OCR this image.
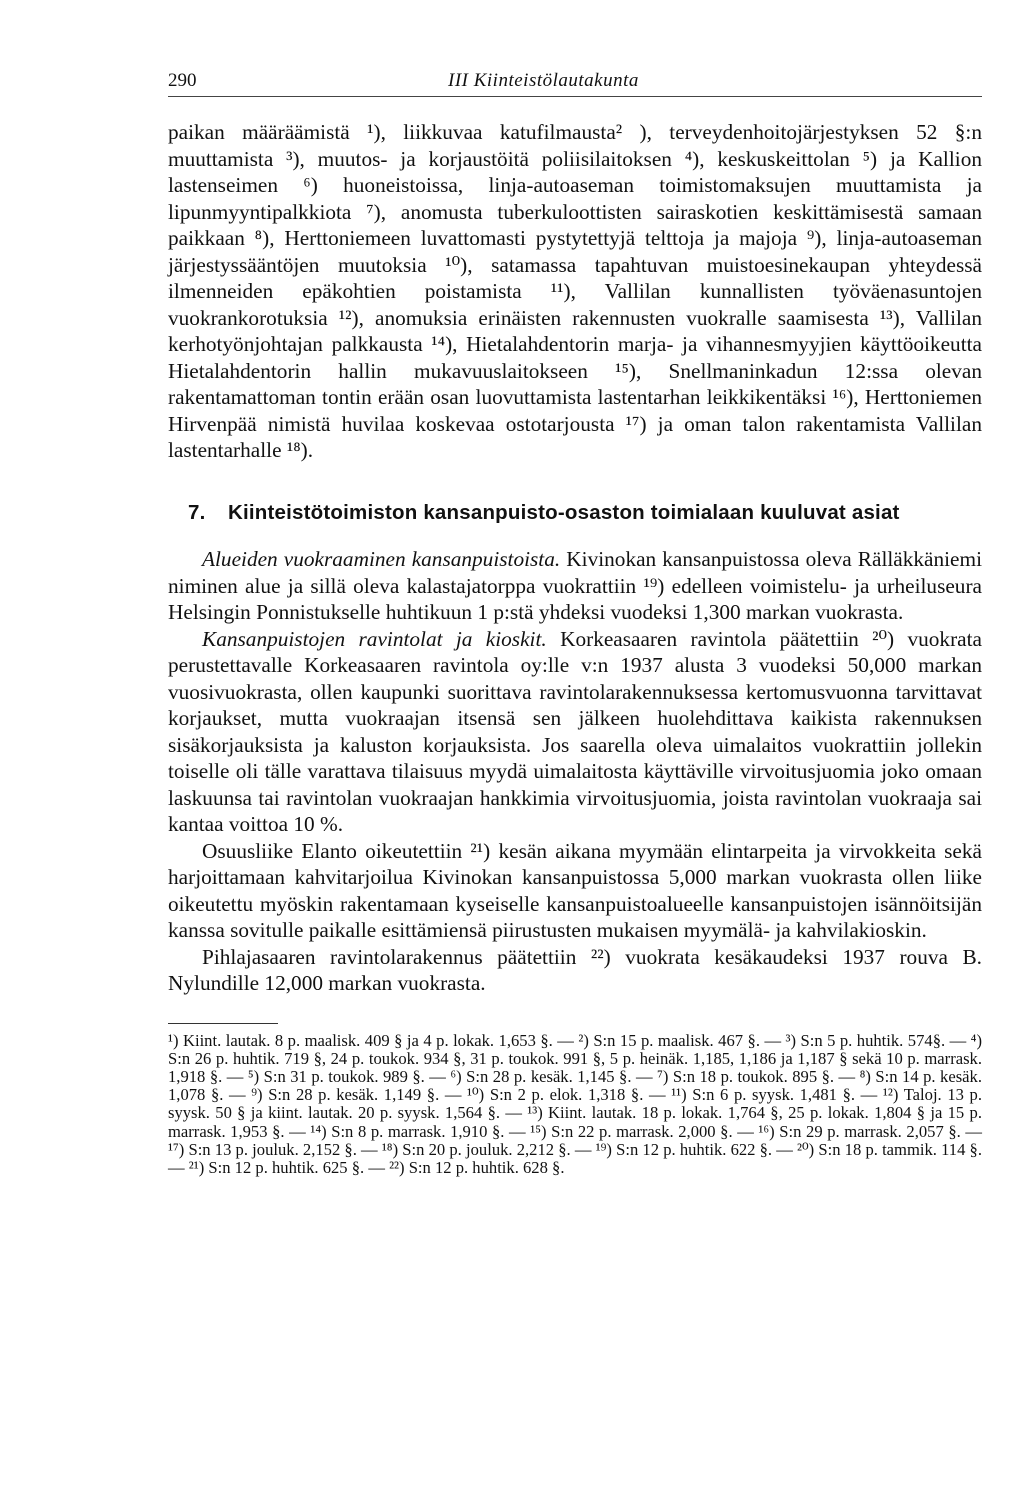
290	III Kiinteistölautakunta

paikan määräämistä ¹), liikkuvaa katufilmausta² ), terveydenhoitojärjestyksen 52 §:n muuttamista ³), muutos- ja korjaustöitä poliisilaitoksen ⁴), keskuskeittolan ⁵) ja Kallion lastenseimen ⁶) huoneistoissa, linja-autoaseman toimistomaksujen muuttamista ja lipunmyyntipalkkiota ⁷), anomusta tuberkuloottisten sairaskotien keskittämisestä samaan paikkaan ⁸), Herttoniemeen luvattomasti pystytettyjä telttoja ja majoja ⁹), linja-autoaseman järjestyssääntöjen muutoksia ¹⁰), satamassa tapahtuvan muistoesinekaupan yhteydessä ilmenneiden epäkohtien poistamista ¹¹), Vallilan kunnallisten työväenasuntojen vuokrankorotuksia ¹²), anomuksia erinäisten rakennusten vuokralle saamisesta ¹³), Vallilan kerhotyönjohtajan palkkausta ¹⁴), Hietalahdentorin marja- ja vihannesmyyjien käyttöoikeutta Hietalahdentorin hallin mukavuuslaitokseen ¹⁵), Snellmaninkadun 12:ssa olevan rakentamattoman tontin erään osan luovuttamista lastentarhan leikkikentäksi ¹⁶), Herttoniemen Hirvenpää nimistä huvilaa koskevaa ostotarjousta ¹⁷) ja oman talon rakentamista Vallilan lastentarhalle ¹⁸).

7. Kiinteistötoimiston kansanpuisto-osaston toimialaan kuuluvat asiat

Alueiden vuokraaminen kansanpuistoista. Kivinokan kansanpuistossa oleva Rälläkkäniemi niminen alue ja sillä oleva kalastajatorppa vuokrattiin ¹⁹) edelleen voimistelu- ja urheiluseura Helsingin Ponnistukselle huhtikuun 1 p:stä yhdeksi vuodeksi 1,300 markan vuokrasta.

Kansanpuistojen ravintolat ja kioskit. Korkeasaaren ravintola päätettiin ²⁰) vuokrata perustettavalle Korkeasaaren ravintola oy:lle v:n 1937 alusta 3 vuodeksi 50,000 markan vuosivuokrasta, ollen kaupunki suorittava ravintolarakennuksessa kertomusvuonna tarvittavat korjaukset, mutta vuokraajan itsensä sen jälkeen huolehdittava kaikista rakennuksen sisäkorjauksista ja kaluston korjauksista. Jos saarella oleva uimalaitos vuokrattiin jollekin toiselle oli tälle varattava tilaisuus myydä uimalaitosta käyttäville virvoitusjuomia joko omaan laskuunsa tai ravintolan vuokraajan hankkimia virvoitusjuomia, joista ravintolan vuokraaja sai kantaa voittoa 10 %.

Osuusliike Elanto oikeutettiin ²¹) kesän aikana myymään elintarpeita ja virvokkeita sekä harjoittamaan kahvitarjoilua Kivinokan kansanpuistossa 5,000 markan vuokrasta ollen liike oikeutettu myöskin rakentamaan kyseiselle kansanpuistoalueelle kansanpuistojen isännöitsijän kanssa sovitulle paikalle esittämiensä piirustusten mukaisen myymälä- ja kahvilakioskin.

Pihlajasaaren ravintolarakennus päätettiin ²²) vuokrata kesäkaudeksi 1937 rouva B. Nylundille 12,000 markan vuokrasta.

¹) Kiint. lautak. 8 p. maalisk. 409 § ja 4 p. lokak. 1,653 §. — ²) S:n 15 p. maalisk. 467 §. — ³) S:n 5 p. huhtik. 574§. — ⁴) S:n 26 p. huhtik. 719 §, 24 p. toukok. 934 §, 31 p. toukok. 991 §, 5 p. heinäk. 1,185, 1,186 ja 1,187 § sekä 10 p. marrask. 1,918 §. — ⁵) S:n 31 p. toukok. 989 §. — ⁶) S:n 28 p. kesäk. 1,145 §. — ⁷) S:n 18 p. toukok. 895 §. — ⁸) S:n 14 p. kesäk. 1,078 §. — ⁹) S:n 28 p. kesäk. 1,149 §. — ¹⁰) S:n 2 p. elok. 1,318 §. — ¹¹) S:n 6 p. syysk. 1,481 §. — ¹²) Taloj. 13 p. syysk. 50 § ja kiint. lautak. 20 p. syysk. 1,564 §. — ¹³) Kiint. lautak. 18 p. lokak. 1,764 §, 25 p. lokak. 1,804 § ja 15 p. marrask. 1,953 §. — ¹⁴) S:n 8 p. marrask. 1,910 §. — ¹⁵) S:n 22 p. marrask. 2,000 §. — ¹⁶) S:n 29 p. marrask. 2,057 §. — ¹⁷) S:n 13 p. jouluk. 2,152 §. — ¹⁸) S:n 20 p. jouluk. 2,212 §. — ¹⁹) S:n 12 p. huhtik. 622 §. — ²⁰) S:n 18 p. tammik. 114 §. — ²¹) S:n 12 p. huhtik. 625 §. — ²²) S:n 12 p. huhtik. 628 §.
